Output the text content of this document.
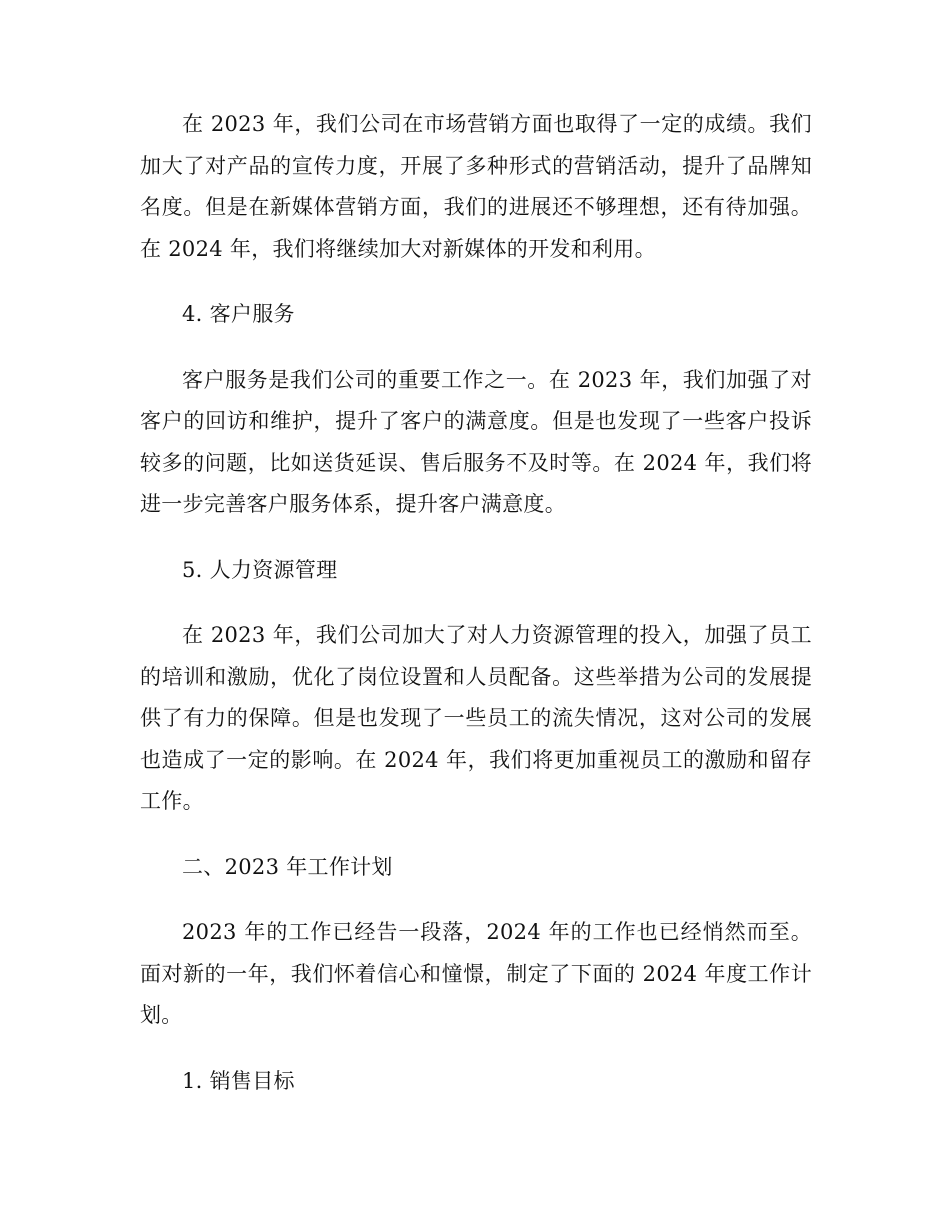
在 2023 年，我们公司在市场营销方面也取得了一定的成绩。我们加大了对产品的宣传力度，开展了多种形式的营销活动，提升了品牌知名度。但是在新媒体营销方面，我们的进展还不够理想，还有待加强。在 2024 年，我们将继续加大对新媒体的开发和利用。

4. 客户服务

客户服务是我们公司的重要工作之一。在 2023 年，我们加强了对客户的回访和维护，提升了客户的满意度。但是也发现了一些客户投诉较多的问题，比如送货延误、售后服务不及时等。在 2024 年，我们将进一步完善客户服务体系，提升客户满意度。

5. 人力资源管理

在 2023 年，我们公司加大了对人力资源管理的投入，加强了员工的培训和激励，优化了岗位设置和人员配备。这些举措为公司的发展提供了有力的保障。但是也发现了一些员工的流失情况，这对公司的发展也造成了一定的影响。在 2024 年，我们将更加重视员工的激励和留存工作。

二、2023 年工作计划

2023 年的工作已经告一段落，2024 年的工作也已经悄然而至。面对新的一年，我们怀着信心和憧憬，制定了下面的 2024 年度工作计划。

1. 销售目标
